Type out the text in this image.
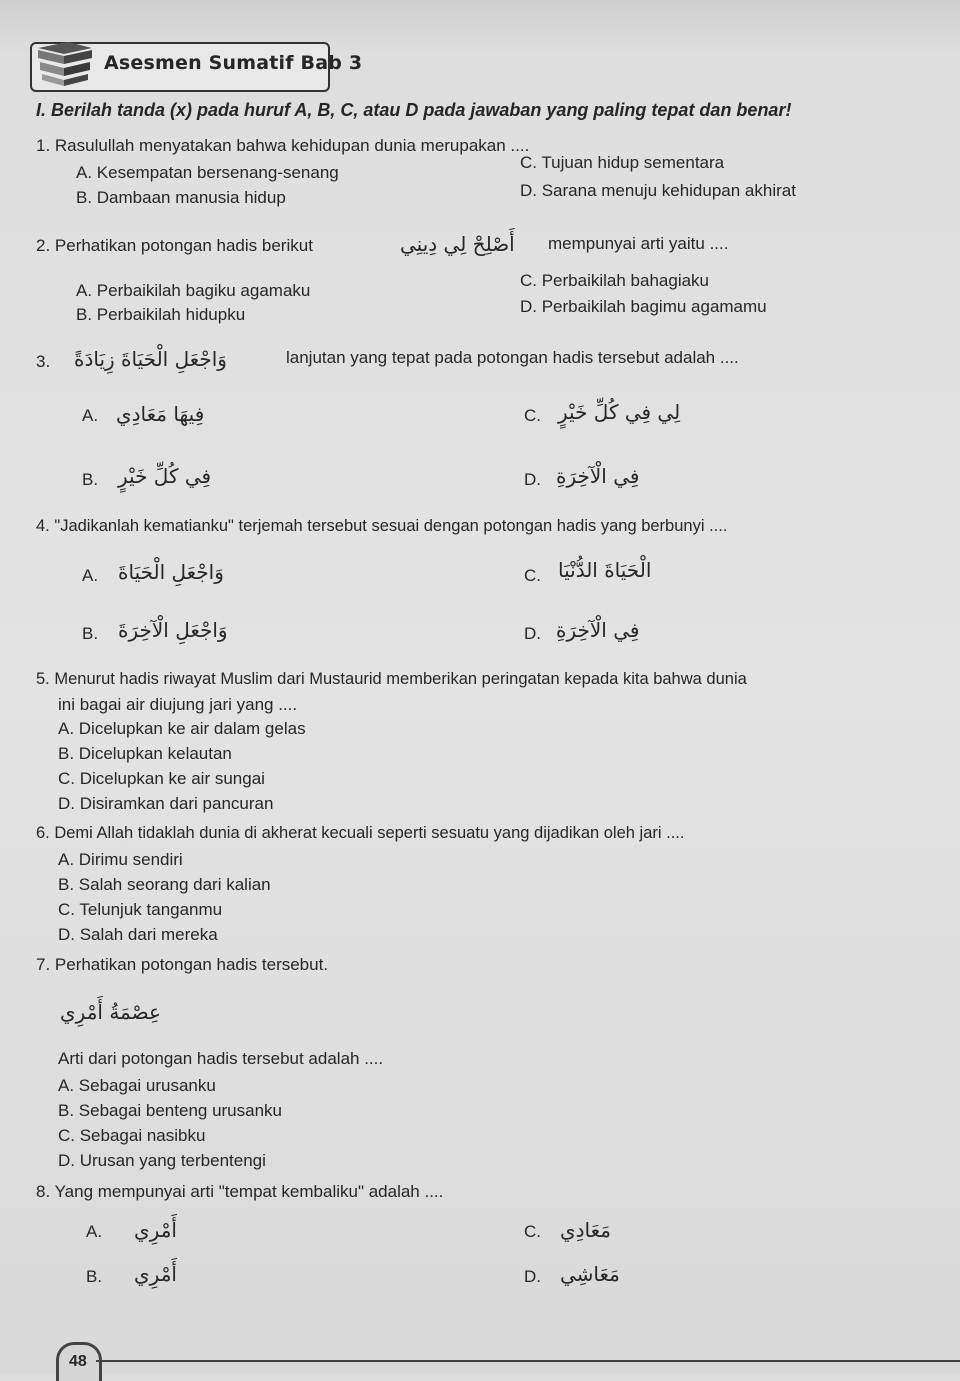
Asesmen Sumatif Bab 3
I. Berilah tanda (x) pada huruf A, B, C, atau D pada jawaban yang paling tepat dan benar!
1. Rasulullah menyatakan bahwa kehidupan dunia merupakan ....
A. Kesempatan bersenang-senang
B. Dambaan manusia hidup
C. Tujuan hidup sementara
D. Sarana menuju kehidupan akhirat
2. Perhatikan potongan hadis berikut	أَصْلِحْ لِي دِينِي mempunyai arti yaitu ....
A. Perbaikilah bagiku agamaku
B. Perbaikilah hidupku
C. Perbaikilah bahagiaku
D. Perbaikilah bagimu agamamu
3. وَاجْعَلِ الْحَيَاةَ زِيَادَةً	lanjutan yang tepat pada potongan hadis tersebut adalah ....
A. فِيهَا مَعَادِي
B. فِي كُلِّ خَيْرٍ
C. لِي فِي كُلِّ خَيْرٍ
D. فِي الْآخِرَةِ
4. "Jadikanlah kematianku" terjemah tersebut sesuai dengan potongan hadis yang berbunyi ....
A. وَاجْعَلِ الْحَيَاةَ
B. وَاجْعَلِ الْآخِرَةَ
C. الْحَيَاةَ الدُّنْيَا
D. فِي الْآخِرَةِ
5. Menurut hadis riwayat Muslim dari Mustaurid memberikan peringatan kepada kita bahwa dunia
ini bagai air diujung jari yang ....
A. Dicelupkan ke air dalam gelas
B. Dicelupkan kelautan
C. Dicelupkan ke air sungai
D. Disiramkan dari pancuran
6. Demi Allah tidaklah dunia di akherat kecuali seperti sesuatu yang dijadikan oleh jari ....
A. Dirimu sendiri
B. Salah seorang dari kalian
C. Telunjuk tanganmu
D. Salah dari mereka
7. Perhatikan potongan hadis tersebut.
عِصْمَةُ أَمْرِي
Arti dari potongan hadis tersebut adalah ....
A. Sebagai urusanku
B. Sebagai benteng urusanku
C. Sebagai nasibku
D. Urusan yang terbentengi
8. Yang mempunyai arti "tempat kembaliku" adalah ....
A. أَمْرِي
B. أَمْرِي
C. مَعَادِي
D. مَعَاشِي
48
